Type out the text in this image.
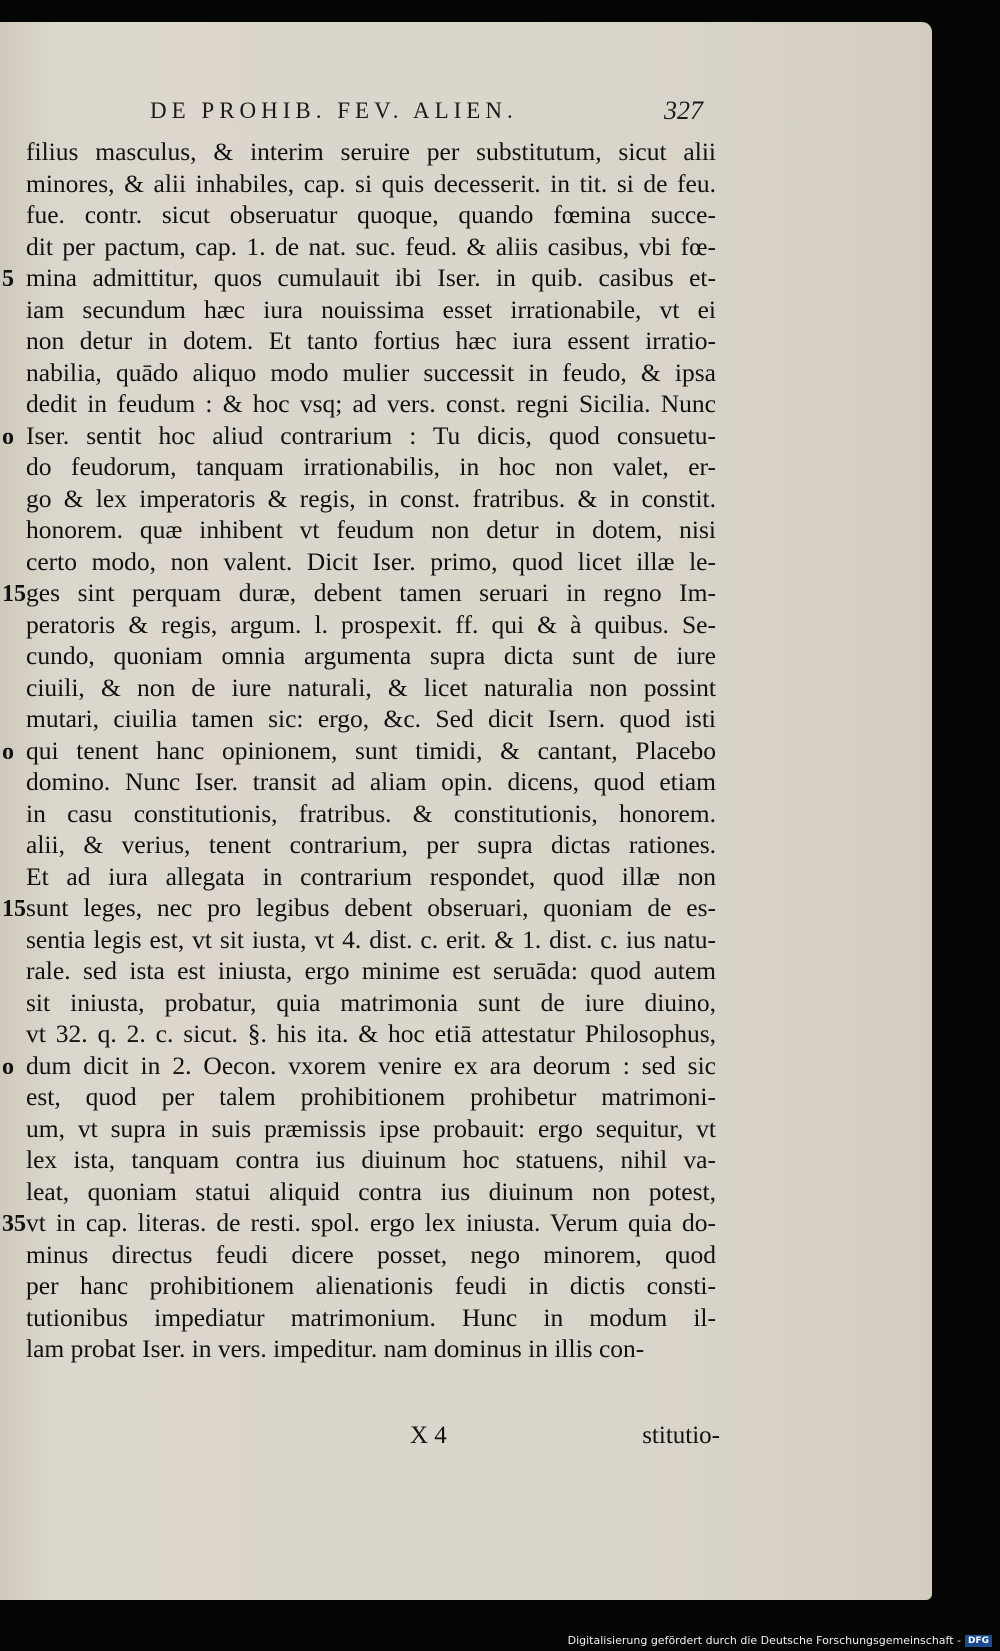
DE PROHIB. FEV. ALIEN.	327
filius masculus, & interim seruire per substitutum, sicut alii
minores, & alii inhabiles, cap. si quis decesserit. in tit. si de feu.
fue. contr. sicut obseruatur quoque, quando fœmina succe-
dit per pactum, cap. 1. de nat. suc. feud. & aliis casibus, vbi fœ-
mina admittitur, quos cumulauit ibi Iser. in quib. casibus et-
iam secundum hæc iura nouissima esset irrationabile, vt ei
non detur in dotem. Et tanto fortius hæc iura essent irratio-
nabilia, quādo aliquo modo mulier successit in feudo, & ipsa
dedit in feudum : & hoc vsq; ad vers. const. regni Sicilia. Nunc
Iser. sentit hoc aliud contrarium : Tu dicis, quod consuetu-
do feudorum, tanquam irrationabilis, in hoc non valet, er-
go & lex imperatoris & regis, in const. fratribus. & in constit.
honorem. quæ inhibent vt feudum non detur in dotem, nisi
certo modo, non valent. Dicit Iser. primo, quod licet illæ le-
ges sint perquam duræ, debent tamen seruari in regno Im-
peratoris & regis, argum. l. prospexit. ff. qui & à quibus. Se-
cundo, quoniam omnia argumenta supra dicta sunt de iure
ciuili, & non de iure naturali, & licet naturalia non possint
mutari, ciuilia tamen sic: ergo, &c. Sed dicit Isern. quod isti
qui tenent hanc opinionem, sunt timidi, & cantant, Placebo
domino. Nunc Iser. transit ad aliam opin. dicens, quod etiam
in casu constitutionis, fratribus. & constitutionis, honorem.
alii, & verius, tenent contrarium, per supra dictas rationes.
Et ad iura allegata in contrarium respondet, quod illæ non
sunt leges, nec pro legibus debent obseruari, quoniam de es-
sentia legis est, vt sit iusta, vt 4. dist. c. erit. & 1. dist. c. ius natu-
rale. sed ista est iniusta, ergo minime est seruāda: quod autem
sit iniusta, probatur, quia matrimonia sunt de iure diuino,
vt 32. q. 2. c. sicut. §. his ita. & hoc etiā attestatur Philosophus,
dum dicit in 2. Oecon. vxorem venire ex ara deorum : sed sic
est, quod per talem prohibitionem prohibetur matrimoni-
um, vt supra in suis præmissis ipse probauit: ergo sequitur, vt
lex ista, tanquam contra ius diuinum hoc statuens, nihil va-
leat, quoniam statui aliquid contra ius diuinum non potest,
vt in cap. literas. de resti. spol. ergo lex iniusta. Verum quia do-
minus directus feudi dicere posset, nego minorem, quod
per hanc prohibitionem alienationis feudi in dictis consti-
tutionibus impediatur matrimonium. Hunc in modum il-
lam probat Iser. in vers. impeditur. nam dominus in illis con-
X 4	stitutio-
5
o
15
o
15
o
35
Digitalisierung gefördert durch die Deutsche Forschungsgemeinschaft - DFG
